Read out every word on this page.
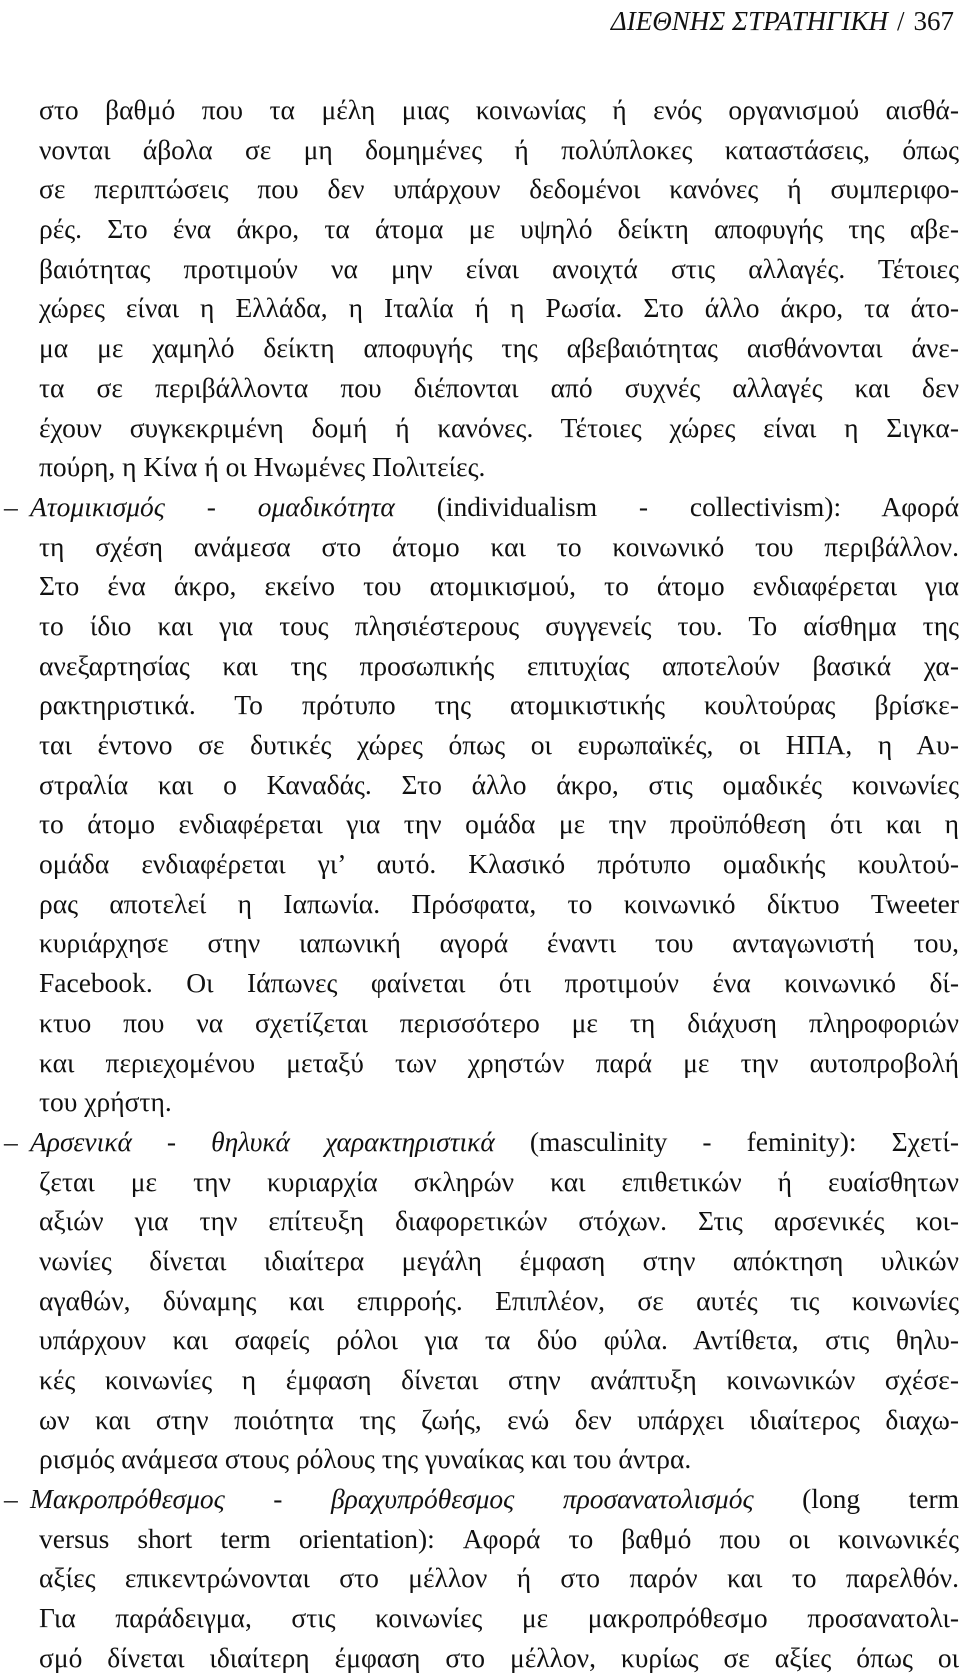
ΔΙΕΘΝΗΣ ΣΤΡΑΤΗΓΙΚΗ / 367
στο βαθμό που τα μέλη μιας κοινωνίας ή ενός οργανισμού αισθά-
νονται άβολα σε μη δομημένες ή πολύπλοκες καταστάσεις, όπως
σε περιπτώσεις που δεν υπάρχουν δεδομένοι κανόνες ή συμπεριφο-
ρές. Στο ένα άκρο, τα άτομα με υψηλό δείκτη αποφυγής της αβε-
βαιότητας προτιμούν να μην είναι ανοιχτά στις αλλαγές. Τέτοιες
χώρες είναι η Ελλάδα, η Ιταλία ή η Ρωσία. Στο άλλο άκρο, τα άτο-
μα με χαμηλό δείκτη αποφυγής της αβεβαιότητας αισθάνονται άνε-
τα σε περιβάλλοντα που διέπονται από συχνές αλλαγές και δεν
έχουν συγκεκριμένη δομή ή κανόνες. Τέτοιες χώρες είναι η Σιγκα-
πούρη, η Κίνα ή οι Ηνωμένες Πολιτείες.
– Ατομικισμός - ομαδικότητα (individualism - collectivism): Αφορά
τη σχέση ανάμεσα στο άτομο και το κοινωνικό του περιβάλλον.
Στο ένα άκρο, εκείνο του ατομικισμού, το άτομο ενδιαφέρεται για
το ίδιο και για τους πλησιέστερους συγγενείς του. Το αίσθημα της
ανεξαρτησίας και της προσωπικής επιτυχίας αποτελούν βασικά χα-
ρακτηριστικά. Το πρότυπο της ατομικιστικής κουλτούρας βρίσκε-
ται έντονο σε δυτικές χώρες όπως οι ευρωπαϊκές, οι ΗΠΑ, η Αυ-
στραλία και ο Καναδάς. Στο άλλο άκρο, στις ομαδικές κοινωνίες
το άτομο ενδιαφέρεται για την ομάδα με την προϋπόθεση ότι και η
ομάδα ενδιαφέρεται γι’ αυτό. Κλασικό πρότυπο ομαδικής κουλτού-
ρας αποτελεί η Ιαπωνία. Πρόσφατα, το κοινωνικό δίκτυο Tweeter
κυριάρχησε στην ιαπωνική αγορά έναντι του ανταγωνιστή του,
Facebook. Οι Ιάπωνες φαίνεται ότι προτιμούν ένα κοινωνικό δί-
κτυο που να σχετίζεται περισσότερο με τη διάχυση πληροφοριών
και περιεχομένου μεταξύ των χρηστών παρά με την αυτοπροβολή
του χρήστη.
– Αρσενικά - θηλυκά χαρακτηριστικά (masculinity - feminity): Σχετί-
ζεται με την κυριαρχία σκληρών και επιθετικών ή ευαίσθητων
αξιών για την επίτευξη διαφορετικών στόχων. Στις αρσενικές κοι-
νωνίες δίνεται ιδιαίτερα μεγάλη έμφαση στην απόκτηση υλικών
αγαθών, δύναμης και επιρροής. Επιπλέον, σε αυτές τις κοινωνίες
υπάρχουν και σαφείς ρόλοι για τα δύο φύλα. Αντίθετα, στις θηλυ-
κές κοινωνίες η έμφαση δίνεται στην ανάπτυξη κοινωνικών σχέσε-
ων και στην ποιότητα της ζωής, ενώ δεν υπάρχει ιδιαίτερος διαχω-
ρισμός ανάμεσα στους ρόλους της γυναίκας και του άντρα.
– Μακροπρόθεσμος - βραχυπρόθεσμος προσανατολισμός (long term
versus short term orientation): Αφορά το βαθμό που οι κοινωνικές
αξίες επικεντρώνονται στο μέλλον ή στο παρόν και το παρελθόν.
Για παράδειγμα, στις κοινωνίες με μακροπρόθεσμο προσανατολι-
σμό δίνεται ιδιαίτερη έμφαση στο μέλλον, κυρίως σε αξίες όπως οι
